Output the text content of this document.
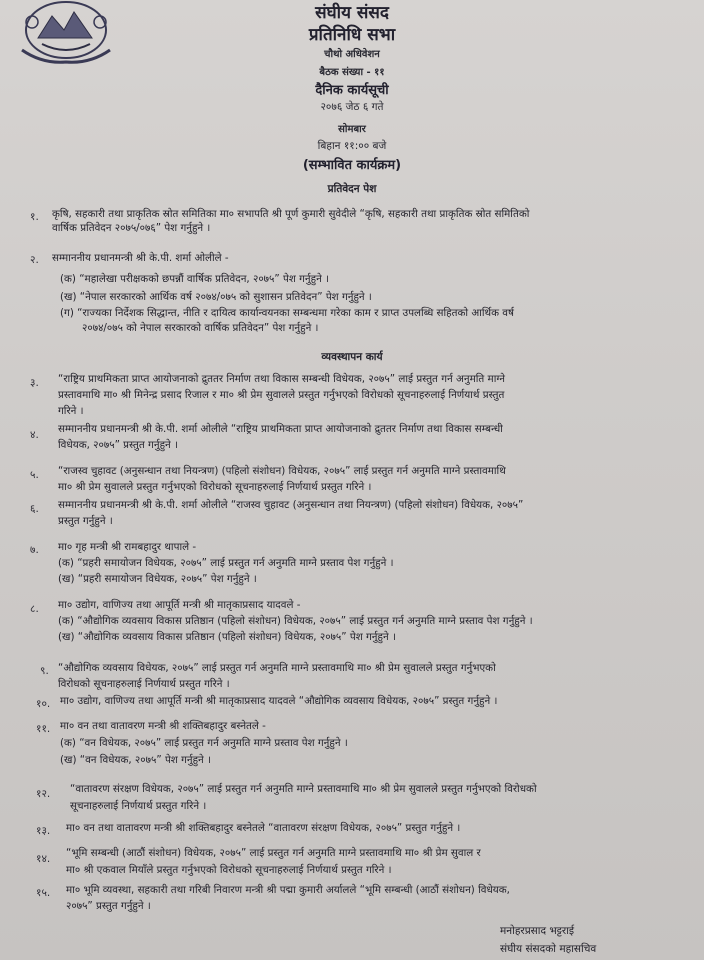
संघीय संसद
प्रतिनिधि सभा
चौथो अधिवेशन
बैठक संख्या - ११
दैनिक कार्यसूची
२०७६ जेठ ६ गते
सोमबार
बिहान ११:०० बजे
(सम्भावित कार्यक्रम)
प्रतिवेदन पेश
व्यवस्थापन कार्य
१. कृषि, सहकारी तथा प्राकृतिक स्रोत समितिका मा० सभापति श्री पूर्ण कुमारी सुवेदीले “कृषि, सहकारी तथा प्राकृतिक स्रोत समितिको
वार्षिक प्रतिवेदन २०७५/०७६” पेश गर्नुहुने ।
२. सम्माननीय प्रधानमन्त्री श्री के.पी. शर्मा ओलीले -
(क) “महालेखा परीक्षकको छपन्नौं वार्षिक प्रतिवेदन, २०७५” पेश गर्नुहुने ।
(ख) “नेपाल सरकारको आर्थिक वर्ष २०७४/०७५ को सुशासन प्रतिवेदन” पेश गर्नुहुने ।
(ग) “राज्यका निर्देशक सिद्धान्त, नीति र दायित्व कार्यान्वयनका सम्बन्धमा गरेका काम र प्राप्त उपलब्धि सहितको आर्थिक वर्ष
२०७४/०७५ को नेपाल सरकारको वार्षिक प्रतिवेदन” पेश गर्नुहुने ।
३. “राष्ट्रिय प्राथमिकता प्राप्त आयोजनाको द्रुततर निर्माण तथा विकास सम्बन्धी विधेयक, २०७५” लाई प्रस्तुत गर्न अनुमति माग्ने
प्रस्तावमाथि मा० श्री मिनेन्द्र प्रसाद रिजाल र मा० श्री प्रेम सुवालले प्रस्तुत गर्नुभएको विरोधको सूचनाहरुलाई निर्णयार्थ प्रस्तुत
गरिने ।
४. सम्माननीय प्रधानमन्त्री श्री के.पी. शर्मा ओलीले “राष्ट्रिय प्राथमिकता प्राप्त आयोजनाको द्रुततर निर्माण तथा विकास सम्बन्धी
विधेयक, २०७५” प्रस्तुत गर्नुहुने ।
५. “राजस्व चुहावट (अनुसन्धान तथा नियन्त्रण) (पहिलो संशोधन) विधेयक, २०७५” लाई प्रस्तुत गर्न अनुमति माग्ने प्रस्तावमाथि
मा० श्री प्रेम सुवालले प्रस्तुत गर्नुभएको विरोधको सूचनाहरुलाई निर्णयार्थ प्रस्तुत गरिने ।
६. सम्माननीय प्रधानमन्त्री श्री के.पी. शर्मा ओलीले “राजस्व चुहावट (अनुसन्धान तथा नियन्त्रण) (पहिलो संशोधन) विधेयक, २०७५”
प्रस्तुत गर्नुहुने ।
७. मा० गृह मन्त्री श्री रामबहादुर थापाले -
(क) “प्रहरी समायोजन विधेयक, २०७५” लाई प्रस्तुत गर्न अनुमति माग्ने प्रस्ताव पेश गर्नुहुने ।
(ख) “प्रहरी समायोजन विधेयक, २०७५” पेश गर्नुहुने ।
८. मा० उद्योग, वाणिज्य तथा आपूर्ति मन्त्री श्री मातृकाप्रसाद यादवले -
(क) “औद्योगिक व्यवसाय विकास प्रतिष्ठान (पहिलो संशोधन) विधेयक, २०७५” लाई प्रस्तुत गर्न अनुमति माग्ने प्रस्ताव पेश गर्नुहुने ।
(ख) “औद्योगिक व्यवसाय विकास प्रतिष्ठान (पहिलो संशोधन) विधेयक, २०७५” पेश गर्नुहुने ।
९. “औद्योगिक व्यवसाय विधेयक, २०७५” लाई प्रस्तुत गर्न अनुमति माग्ने प्रस्तावमाथि मा० श्री प्रेम सुवालले प्रस्तुत गर्नुभएको
विरोधको सूचनाहरुलाई निर्णयार्थ प्रस्तुत गरिने ।
१०. मा० उद्योग, वाणिज्य तथा आपूर्ति मन्त्री श्री मातृकाप्रसाद यादवले “औद्योगिक व्यवसाय विधेयक, २०७५” प्रस्तुत गर्नुहुने ।
११. मा० वन तथा वातावरण मन्त्री श्री शक्तिबहादुर बस्नेतले -
(क) “वन विधेयक, २०७५” लाई प्रस्तुत गर्न अनुमति माग्ने प्रस्ताव पेश गर्नुहुने ।
(ख) “वन विधेयक, २०७५” पेश गर्नुहुने ।
१२. “वातावरण संरक्षण विधेयक, २०७५” लाई प्रस्तुत गर्न अनुमति माग्ने प्रस्तावमाथि मा० श्री प्रेम सुवालले प्रस्तुत गर्नुभएको विरोधको
सूचनाहरुलाई निर्णयार्थ प्रस्तुत गरिने ।
१३. मा० वन तथा वातावरण मन्त्री श्री शक्तिबहादुर बस्नेतले “वातावरण संरक्षण विधेयक, २०७५” प्रस्तुत गर्नुहुने ।
१४. “भूमि सम्बन्धी (आठौं संशोधन) विधेयक, २०७५” लाई प्रस्तुत गर्न अनुमति माग्ने प्रस्तावमाथि मा० श्री प्रेम सुवाल र
मा० श्री एकवाल मियाँले प्रस्तुत गर्नुभएको विरोधको सूचनाहरुलाई निर्णयार्थ प्रस्तुत गरिने ।
१५. मा० भूमि व्यवस्था, सहकारी तथा गरिबी निवारण मन्त्री श्री पद्मा कुमारी अर्यालले “भूमि सम्बन्धी (आठौं संशोधन) विधेयक,
२०७५” प्रस्तुत गर्नुहुने ।
मनोहरप्रसाद भट्टराई
संघीय संसदको महासचिव
